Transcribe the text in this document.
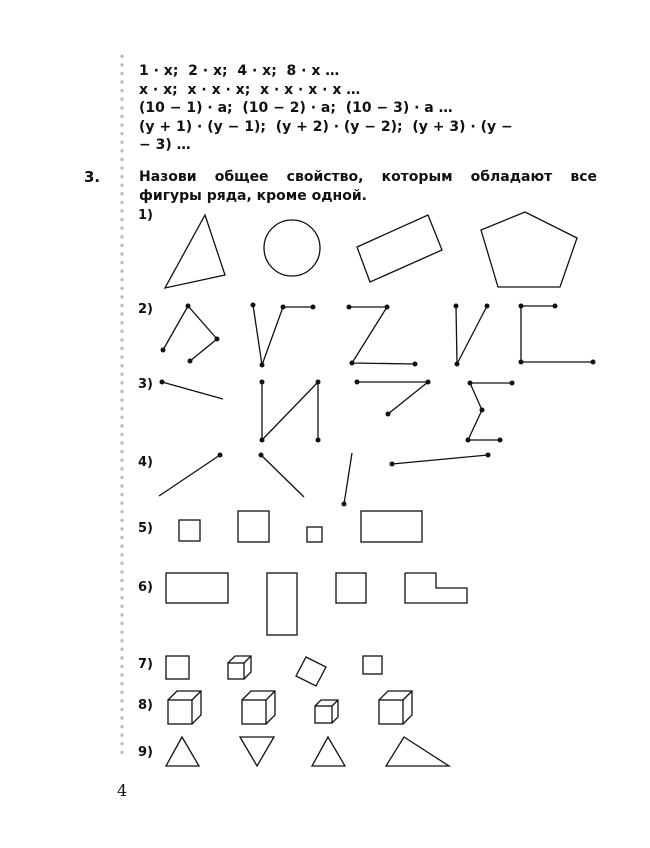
1 · x;  2 · x;  4 · x;  8 · x …
x · x;  x · x · x;  x · x · x · x …
(10 − 1) · a;  (10 − 2) · a;  (10 − 3) · a …
(y + 1) · (y − 1);  (y + 2) · (y − 2);  (y + 3) · (y −
− 3) …
3.	Назови общее свойство, которым обладают все фигуры ряда, кроме одной.
1)
2)
3)
4)
5)
6)
7)
8)
9)
4
